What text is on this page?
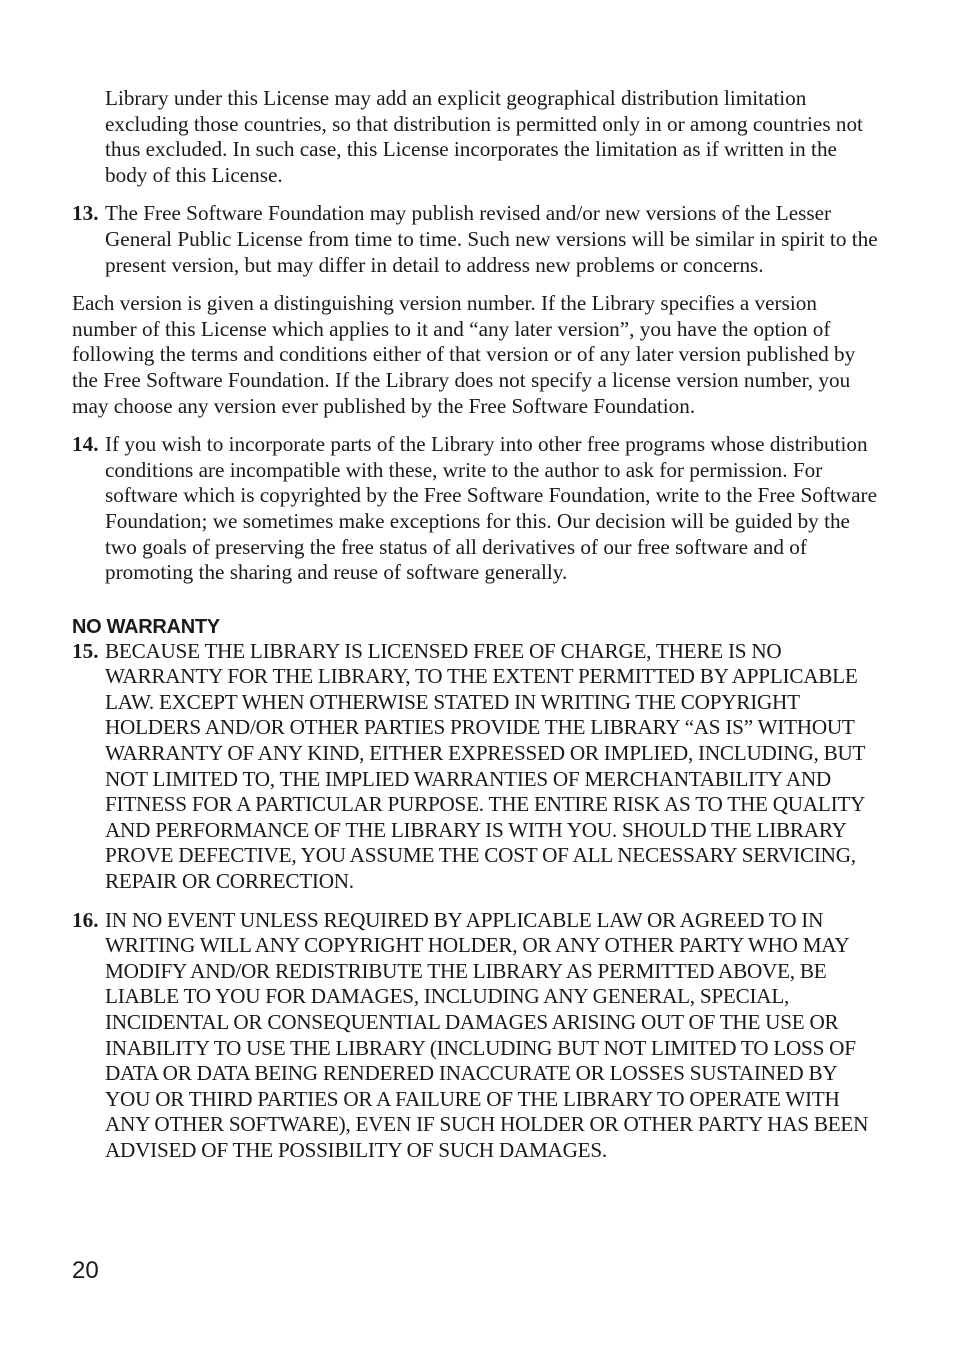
Library under this License may add an explicit geographical distribution limitation excluding those countries, so that distribution is permitted only in or among countries not thus excluded. In such case, this License incorporates the limitation as if written in the body of this License.

13. The Free Software Foundation may publish revised and/or new versions of the Lesser General Public License from time to time. Such new versions will be similar in spirit to the present version, but may differ in detail to address new problems or concerns.

Each version is given a distinguishing version number. If the Library specifies a version number of this License which applies to it and “any later version”, you have the option of following the terms and conditions either of that version or of any later version published by the Free Software Foundation. If the Library does not specify a license version number, you may choose any version ever published by the Free Software Foundation.

14. If you wish to incorporate parts of the Library into other free programs whose distribution conditions are incompatible with these, write to the author to ask for permission. For software which is copyrighted by the Free Software Foundation, write to the Free Software Foundation; we sometimes make exceptions for this. Our decision will be guided by the two goals of preserving the free status of all derivatives of our free software and of promoting the sharing and reuse of software generally.
NO WARRANTY
15. BECAUSE THE LIBRARY IS LICENSED FREE OF CHARGE, THERE IS NO WARRANTY FOR THE LIBRARY, TO THE EXTENT PERMITTED BY APPLICABLE LAW. EXCEPT WHEN OTHERWISE STATED IN WRITING THE COPYRIGHT HOLDERS AND/OR OTHER PARTIES PROVIDE THE LIBRARY “AS IS” WITHOUT WARRANTY OF ANY KIND, EITHER EXPRESSED OR IMPLIED, INCLUDING, BUT NOT LIMITED TO, THE IMPLIED WARRANTIES OF MERCHANTABILITY AND FITNESS FOR A PARTICULAR PURPOSE. THE ENTIRE RISK AS TO THE QUALITY AND PERFORMANCE OF THE LIBRARY IS WITH YOU. SHOULD THE LIBRARY PROVE DEFECTIVE, YOU ASSUME THE COST OF ALL NECESSARY SERVICING, REPAIR OR CORRECTION.
16. IN NO EVENT UNLESS REQUIRED BY APPLICABLE LAW OR AGREED TO IN WRITING WILL ANY COPYRIGHT HOLDER, OR ANY OTHER PARTY WHO MAY MODIFY AND/OR REDISTRIBUTE THE LIBRARY AS PERMITTED ABOVE, BE LIABLE TO YOU FOR DAMAGES, INCLUDING ANY GENERAL, SPECIAL, INCIDENTAL OR CONSEQUENTIAL DAMAGES ARISING OUT OF THE USE OR INABILITY TO USE THE LIBRARY (INCLUDING BUT NOT LIMITED TO LOSS OF DATA OR DATA BEING RENDERED INACCURATE OR LOSSES SUSTAINED BY YOU OR THIRD PARTIES OR A FAILURE OF THE LIBRARY TO OPERATE WITH ANY OTHER SOFTWARE), EVEN IF SUCH HOLDER OR OTHER PARTY HAS BEEN ADVISED OF THE POSSIBILITY OF SUCH DAMAGES.
20
